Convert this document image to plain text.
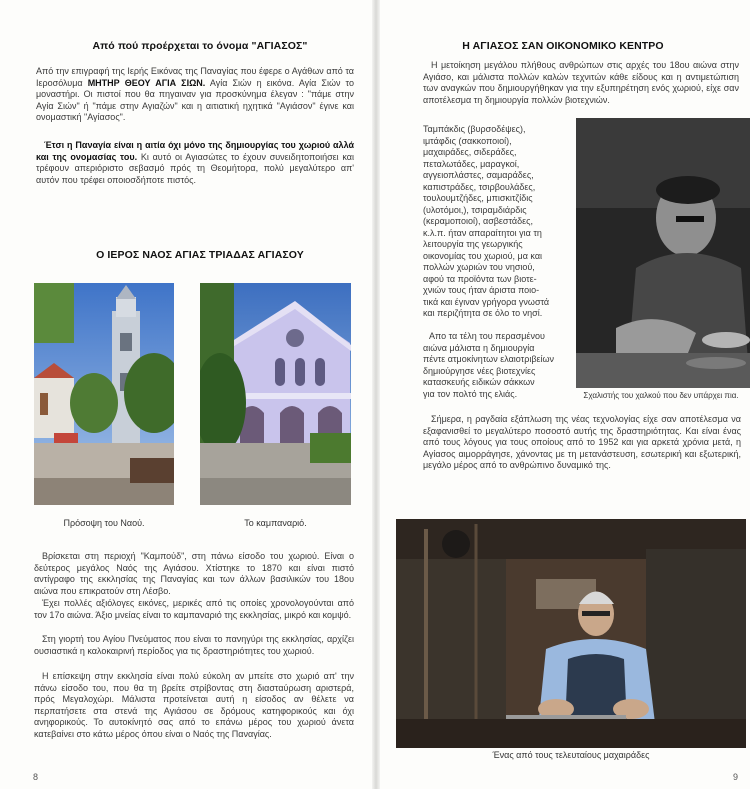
Από πού προέρχεται το όνομα "ΑΓΙΑΣΟΣ"
Από την επιγραφή της Ιερής Εικόνας της Παναγίας που έφερε ο Αγάθων από τα Ιεροσόλυμα ΜΗΤΗΡ ΘΕΟΥ ΑΓΙΑ ΣΙΩΝ. Αγία Σιών η εικόνα. Αγία Σιών το μοναστήρι. Οι πιστοί που θα πηγαιναν για προσκύνημα έλεγαν : "πάμε στην Αγία Σιών" ή "πάμε στην Αγιαζών" και η αιτιατική ηχητικά "Αγιάσον" έγινε και ονομαστική "Αγίασος".
Έτσι η Παναγία είναι η αιτία όχι μόνο της δημιουργίας του χωριού αλλά και της ονομασίας του. Κι αυτό οι Αγιασώτες το έχουν συνειδητοποιήσει και τρέφουν απεριόριστο σεβασμό πρός τη Θεομήτορα, πολύ μεγαλύτερο απ' αυτόν που τρέφει οποιοσδήποτε πιστός.
Ο ΙΕΡΟΣ ΝΑΟΣ ΑΓΙΑΣ ΤΡΙΑΔΑΣ ΑΓΙΑΣΟΥ
Πρόσοψη του Ναού.	Το καμπαναριό.
Βρίσκεται στη περιοχή "Καμπούδ", στη πάνω είσοδο του χωριού. Είναι ο δεύτερος μεγάλος Ναός της Αγιάσου. Χτίστηκε το 1870 και είναι πιστό αντίγραφο της εκκλησίας της Παναγίας και των άλλων βασιλικών του 18ου αιώνα που επικρατούν στη Λέσβο.
Έχει πολλές αξιόλογες εικόνες, μερικές από τις οποίες χρονολογούνται από τον 17ο αιώνα. Άξιο μνείας είναι το καμπαναριό της εκκλησίας, μικρό και κομψό.
Στη γιορτή του Αγίου Πνεύματος που είναι το πανηγύρι της εκκλησίας, αρχίζει ουσιαστικά η καλοκαιρινή περίοδος για τις δραστηριότητες του χωριού.
Η επίσκεψη στην εκκλησία είναι πολύ εύκολη αν μπείτε στο χωριό απ' την πάνω είσοδο του, που θα τη βρείτε στρίβοντας στη διασταύρωση αριστερά, πρός Μεγαλοχώρι. Μάλιστα προτείνεται αυτή η είσοδος αν θέλετε να περπατήσετε στα στενά της Αγιάσου σε δρόμους κατηφορικούς και όχι ανηφορικούς. Το αυτοκίνητό σας από το επάνω μέρος του χωριού άνετα κατεβαίνει στο κάτω μέρος όπου είναι ο Ναός της Παναγίας.
8
Η ΑΓΙΑΣΟΣ ΣΑΝ ΟΙΚΟΝΟΜΙΚΟ ΚΕΝΤΡΟ
Η μετοίκηση μεγάλου πλήθους ανθρώπων στις αρχές του 18ου αιώνα στην Αγιάσο, και μάλιστα πολλών καλών τεχνιτών κάθε είδους και η αντιμετώπιση των αναγκών που δημιουργήθηκαν για την εξυπηρέτηση ενός χωριού, είχε σαν αποτέλεσμα τη δημιουργία πολλών βιοτεχνιών.
Ταμπάκδις (βυρσοδέψες),
ιμτάφδις (σακκοποιοί),
μαχαιράδες, σιδεράδες,
πεταλωτάδες, μαραγκοί,
αγγειοπλάστες, σαμαράδες,
καπιστράδες, τσιρβουλάδες,
τουλουμτζήδες, μπισκιτζίδις
(υλοτόμοι,), τσιραμδιάρδις
(κεραμοποιοί), ασβεστάδες,
κ.λ.π. ήταν απαραίτητοι για τη
λειτουργία της γεωργικής
οικονομίας του χωριού, μα και
πολλών χωριών του νησιού,
αφού τα προϊόντα των βιοτε-
χνιών τους ήταν άριστα ποιο-
τικά και έγιναν γρήγορα γνωστά
και περιζήτητα σε όλο το νησί.
Απο τα τέλη του περασμένου
αιώνα μάλιστα η δημιουργία
πέντε ατμοκίνητων ελαιοτριβείων
δημιούργησε νέες βιοτεχνίες
κατασκευής ειδικών σάκκων
για τον πολτό της ελιάς.	Σχαλιστής του χαλκού που δεν υπάρχει πια.
Σήμερα, η ραγδαία εξάπλωση της νέας τεχνολογίας είχε σαν αποτέλεσμα να εξαφανισθεί το μεγαλύτερο ποσοστό αυτής της δραστηριότητας. Και είναι ένας από τους λόγους για τους οποίους από το 1952 και για αρκετά χρόνια μετά, η Αγίασος αιμορράγησε, χάνοντας με τη μετανάστευση, εσωτερική και εξωτερική, μεγάλο μέρος από το ανθρώπινο δυναμικό της.
Ένας από τους τελευταίους μαχαιράδες
9
